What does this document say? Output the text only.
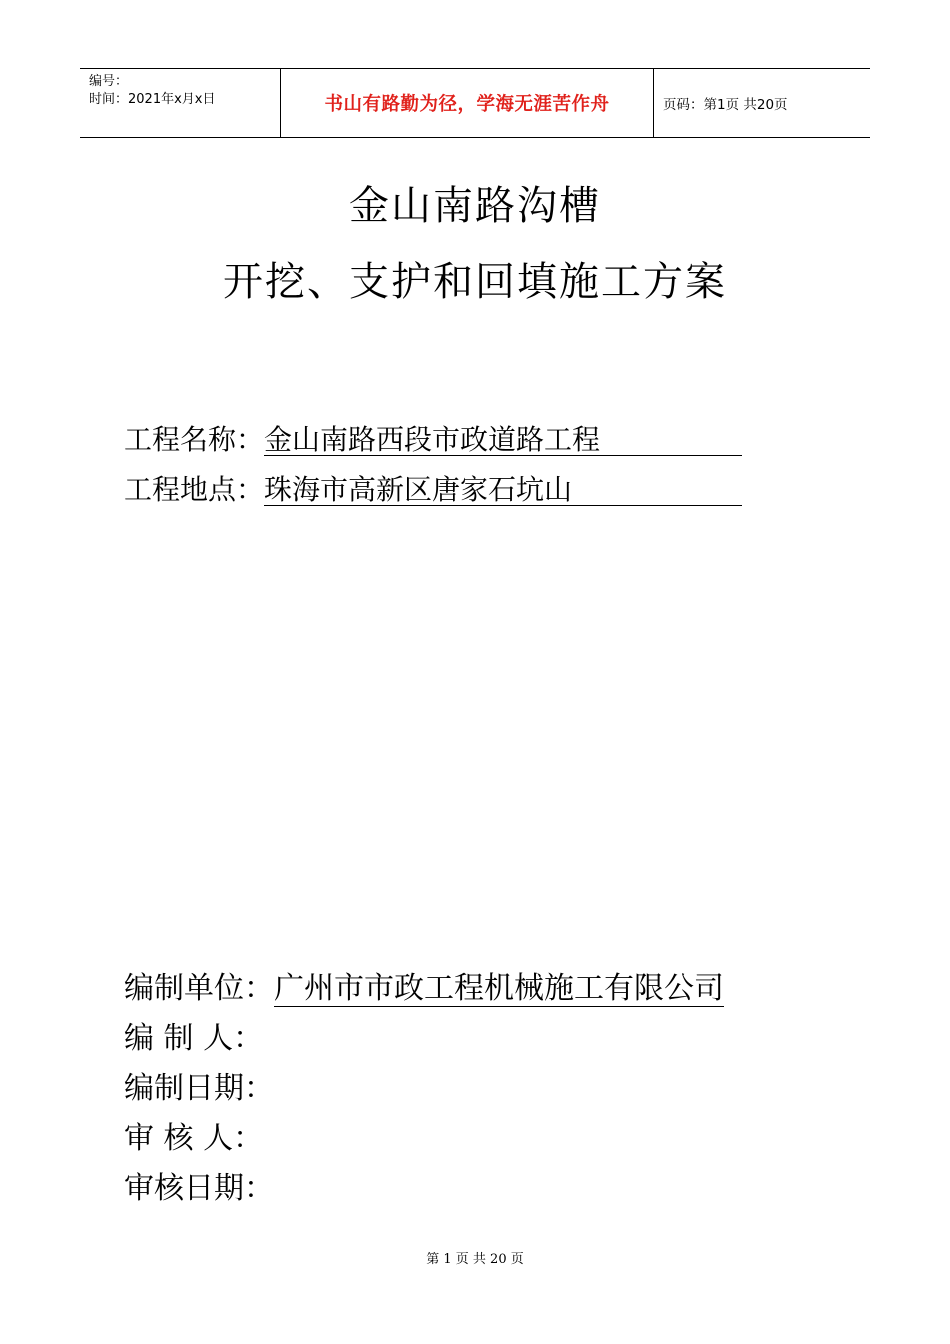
编号：
时间：2021年x月x日	书山有路勤为径，学海无涯苦作舟	页码：第1页 共20页
金山南路沟槽
开挖、支护和回填施工方案
工程名称：金山南路西段市政道路工程
工程地点：珠海市高新区唐家石坑山
编制单位：广州市市政工程机械施工有限公司
编 制 人：
编制日期：
审 核 人：
审核日期：
第 1 页 共 20 页
